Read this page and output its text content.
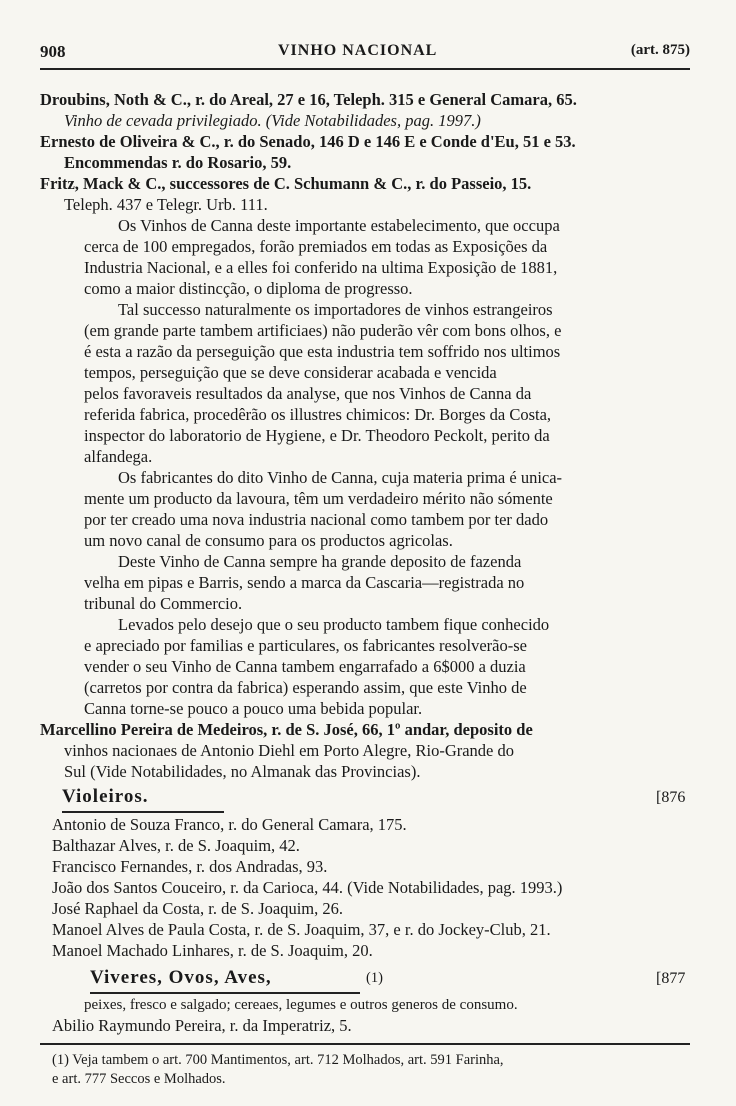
908	VINHO NACIONAL	(art. 875)
Droubins, Noth & C., r. do Areal, 27 e 16, Teleph. 315 e General Camara, 65.
Vinho de cevada privilegiado. (Vide Notabilidades, pag. 1997.)
Ernesto de Oliveira & C., r. do Senado, 146 D e 146 E e Conde d'Eu, 51 e 53.
Encommendas r. do Rosario, 59.
Fritz, Mack & C., successores de C. Schumann & C., r. do Passeio, 15.
Teleph. 437 e Telegr. Urb. 111.
Os Vinhos de Canna deste importante estabelecimento, que occupa
cerca de 100 empregados, forão premiados em todas as Exposições da
Industria Nacional, e a elles foi conferido na ultima Exposição de 1881,
como a maior distincção, o diploma de progresso.
Tal successo naturalmente os importadores de vinhos estrangeiros
(em grande parte tambem artificiaes) não puderão vêr com bons olhos, e
é esta a razão da perseguição que esta industria tem soffrido nos ultimos
tempos, perseguição que se deve considerar acabada e vencida
pelos favoraveis resultados da analyse, que nos Vinhos de Canna da
referida fabrica, procedêrão os illustres chimicos: Dr. Borges da Costa,
inspector do laboratorio de Hygiene, e Dr. Theodoro Peckolt, perito da
alfandega.
Os fabricantes do dito Vinho de Canna, cuja materia prima é unica-
mente um producto da lavoura, têm um verdadeiro mérito não sómente
por ter creado uma nova industria nacional como tambem por ter dado
um novo canal de consumo para os productos agricolas.
Deste Vinho de Canna sempre ha grande deposito de fazenda
velha em pipas e Barris, sendo a marca da Cascaria—registrada no
tribunal do Commercio.
Levados pelo desejo que o seu producto tambem fique conhecido
e apreciado por familias e particulares, os fabricantes resolverão-se
vender o seu Vinho de Canna tambem engarrafado a 6$000 a duzia
(carretos por contra da fabrica) esperando assim, que este Vinho de
Canna torne-se pouco a pouco uma bebida popular.
Marcellino Pereira de Medeiros, r. de S. José, 66, 1º andar, deposito de
vinhos nacionaes de Antonio Diehl em Porto Alegre, Rio-Grande do
Sul (Vide Notabilidades, no Almanak das Provincias).
Violeiros.	[876
Antonio de Souza Franco, r. do General Camara, 175.
Balthazar Alves, r. de S. Joaquim, 42.
Francisco Fernandes, r. dos Andradas, 93.
João dos Santos Couceiro, r. da Carioca, 44. (Vide Notabilidades, pag. 1993.)
José Raphael da Costa, r. de S. Joaquim, 26.
Manoel Alves de Paula Costa, r. de S. Joaquim, 37, e r. do Jockey-Club, 21.
Manoel Machado Linhares, r. de S. Joaquim, 20.
Viveres, Ovos, Aves,	(1)	[877
peixes, fresco e salgado; cereaes, legumes e outros generos de consumo.
Abilio Raymundo Pereira, r. da Imperatriz, 5.
(1) Veja tambem o art. 700 Mantimentos, art. 712 Molhados, art. 591 Farinha,
e art. 777 Seccos e Molhados.
